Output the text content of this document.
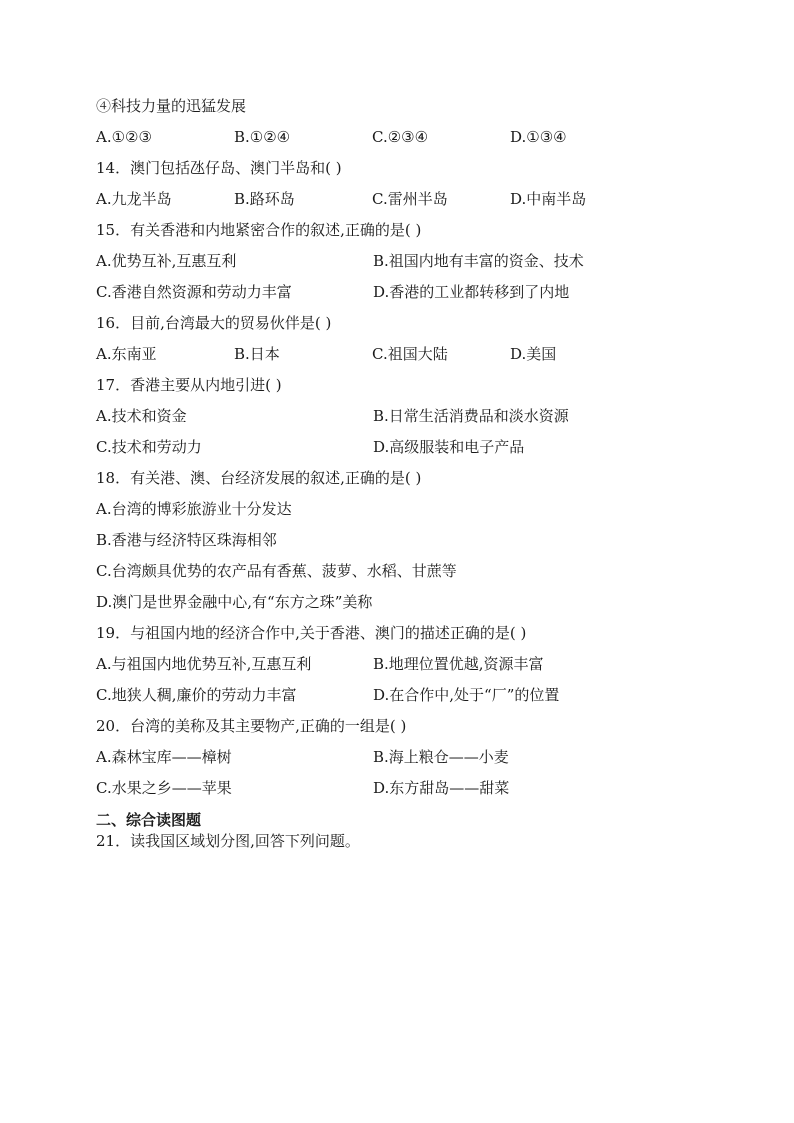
④科技力量的迅猛发展
A.①②③	B.①②④	C.②③④	D.①③④
14．澳门包括氹仔岛、澳门半岛和( )
A.九龙半岛	B.路环岛	C.雷州半岛	D.中南半岛
15．有关香港和内地紧密合作的叙述,正确的是( )
A.优势互补,互惠互利	B.祖国内地有丰富的资金、技术
C.香港自然资源和劳动力丰富	D.香港的工业都转移到了内地
16．目前,台湾最大的贸易伙伴是( )
A.东南亚	B.日本	C.祖国大陆	D.美国
17．香港主要从内地引进( )
A.技术和资金	B.日常生活消费品和淡水资源
C.技术和劳动力	D.高级服装和电子产品
18．有关港、澳、台经济发展的叙述,正确的是( )
A.台湾的博彩旅游业十分发达
B.香港与经济特区珠海相邻
C.台湾颇具优势的农产品有香蕉、菠萝、水稻、甘蔗等
D.澳门是世界金融中心,有“东方之珠”美称
19．与祖国内地的经济合作中,关于香港、澳门的描述正确的是( )
A.与祖国内地优势互补,互惠互利	B.地理位置优越,资源丰富
C.地狭人稠,廉价的劳动力丰富	D.在合作中,处于“厂”的位置
20．台湾的美称及其主要物产,正确的一组是( )
A.森林宝库——樟树	B.海上粮仓——小麦
C.水果之乡——苹果	D.东方甜岛——甜菜
二、综合读图题
21．读我国区域划分图,回答下列问题。
